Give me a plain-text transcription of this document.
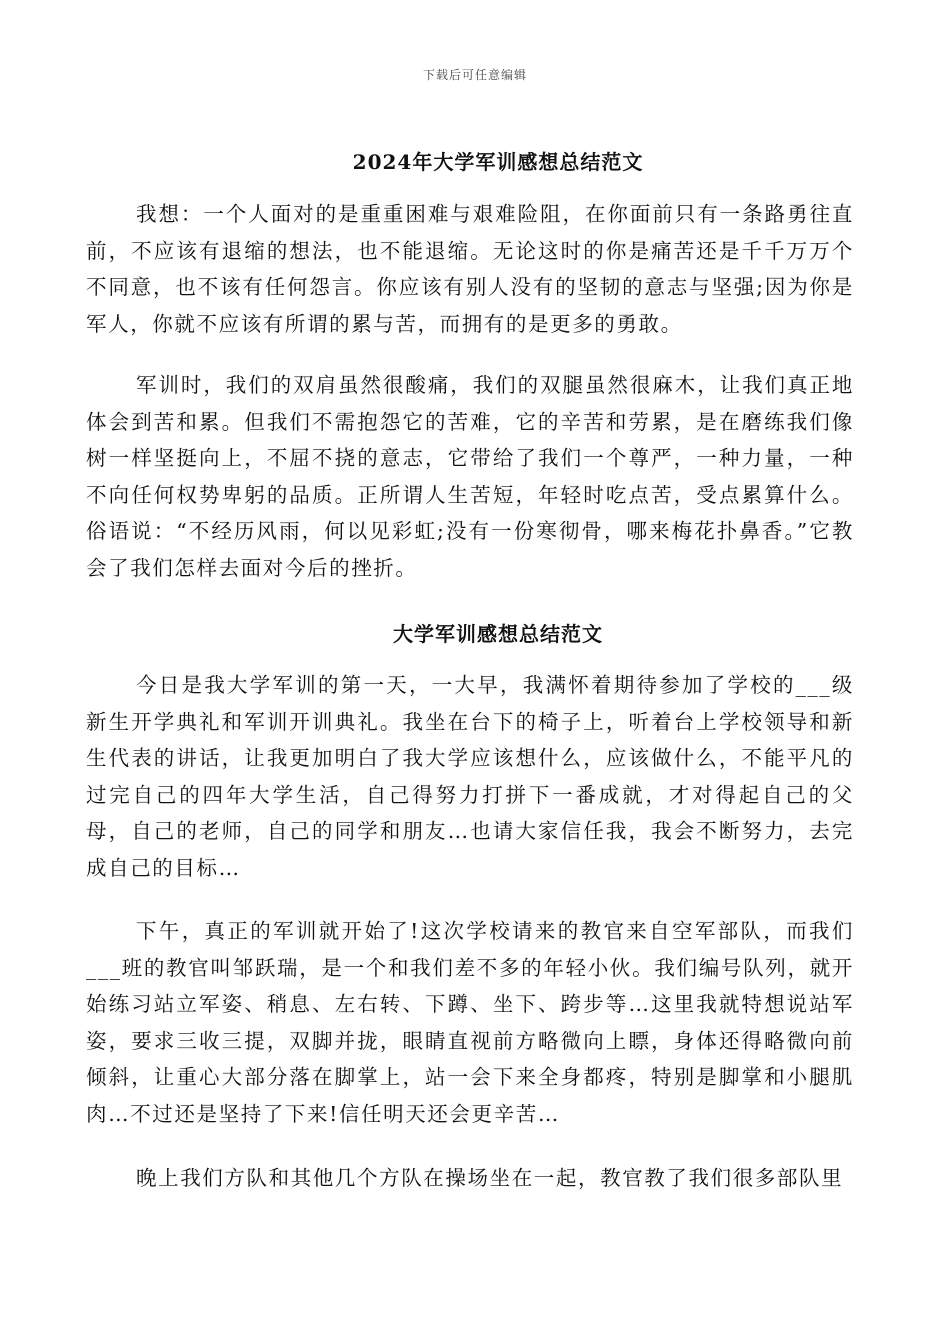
下载后可任意编辑
2024年大学军训感想总结范文

我想：一个人面对的是重重困难与艰难险阻，在你面前只有一条路勇往直前，不应该有退缩的想法，也不能退缩。无论这时的你是痛苦还是千千万万个不同意，也不该有任何怨言。你应该有别人没有的坚韧的意志与坚强;因为你是军人，你就不应该有所谓的累与苦，而拥有的是更多的勇敢。

军训时，我们的双肩虽然很酸痛，我们的双腿虽然很麻木，让我们真正地体会到苦和累。但我们不需抱怨它的苦难，它的辛苦和劳累，是在磨练我们像树一样坚挺向上，不屈不挠的意志，它带给了我们一个尊严，一种力量，一种不向任何权势卑躬的品质。正所谓人生苦短，年轻时吃点苦，受点累算什么。俗语说：“不经历风雨，何以见彩虹;没有一份寒彻骨，哪来梅花扑鼻香。”它教会了我们怎样去面对今后的挫折。

大学军训感想总结范文

今日是我大学军训的第一天，一大早，我满怀着期待参加了学校的___级新生开学典礼和军训开训典礼。我坐在台下的椅子上，听着台上学校领导和新生代表的讲话，让我更加明白了我大学应该想什么，应该做什么，不能平凡的过完自己的四年大学生活，自己得努力打拼下一番成就，才对得起自己的父母，自己的老师，自己的同学和朋友…也请大家信任我，我会不断努力，去完成自己的目标…

下午，真正的军训就开始了!这次学校请来的教官来自空军部队，而我们___班的教官叫邹跃瑞，是一个和我们差不多的年轻小伙。我们编号队列，就开始练习站立军姿、稍息、左右转、下蹲、坐下、跨步等…这里我就特想说站军姿，要求三收三提，双脚并拢，眼睛直视前方略微向上瞟，身体还得略微向前倾斜，让重心大部分落在脚掌上，站一会下来全身都疼，特别是脚掌和小腿肌肉…不过还是坚持了下来!信任明天还会更辛苦…

晚上我们方队和其他几个方队在操场坐在一起，教官教了我们很多部队里
